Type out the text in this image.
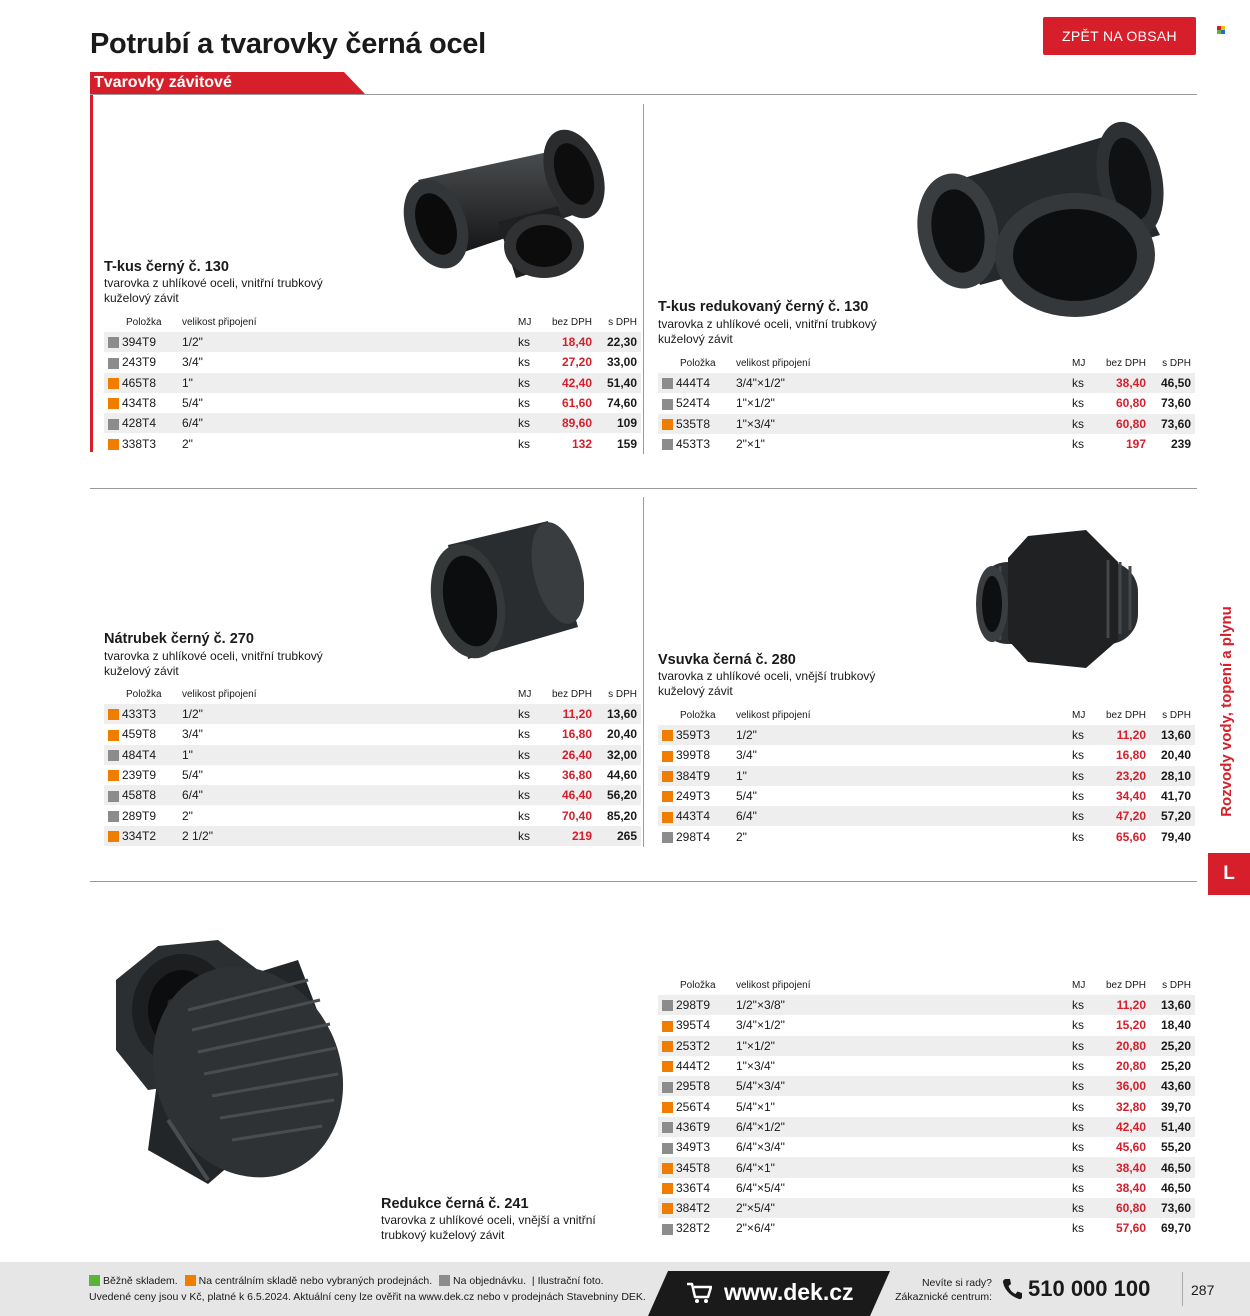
Potrubí a tvarovky černá ocel	ZPĚT NA OBSAH
Tvarovky závitové
T-kus černý č. 130
tvarovka z uhlíkové oceli, vnitřní trubkový kuželový závit
	Položka	velikost připojení	MJ	bez DPH	s DPH
	394T9	1/2"	ks	18,40	22,30
	243T9	3/4"	ks	27,20	33,00
	465T8	1"	ks	42,40	51,40
	434T8	5/4"	ks	61,60	74,60
	428T4	6/4"	ks	89,60	109
	338T3	2"	ks	132	159
T-kus redukovaný černý č. 130
tvarovka z uhlíkové oceli, vnitřní trubkový kuželový závit
	Položka	velikost připojení	MJ	bez DPH	s DPH
	444T4	3/4"×1/2"	ks	38,40	46,50
	524T4	1"×1/2"	ks	60,80	73,60
	535T8	1"×3/4"	ks	60,80	73,60
	453T3	2"×1"	ks	197	239
Nátrubek černý č. 270
tvarovka z uhlíkové oceli, vnitřní trubkový kuželový závit
	Položka	velikost připojení	MJ	bez DPH	s DPH
	433T3	1/2"	ks	11,20	13,60
	459T8	3/4"	ks	16,80	20,40
	484T4	1"	ks	26,40	32,00
	239T9	5/4"	ks	36,80	44,60
	458T8	6/4"	ks	46,40	56,20
	289T9	2"	ks	70,40	85,20
	334T2	2 1/2"	ks	219	265
Vsuvka černá č. 280
tvarovka z uhlíkové oceli, vnější trubkový kuželový závit
	Položka	velikost připojení	MJ	bez DPH	s DPH
	359T3	1/2"	ks	11,20	13,60
	399T8	3/4"	ks	16,80	20,40
	384T9	1"	ks	23,20	28,10
	249T3	5/4"	ks	34,40	41,70
	443T4	6/4"	ks	47,20	57,20
	298T4	2"	ks	65,60	79,40
Redukce černá č. 241
tvarovka z uhlíkové oceli, vnější a vnitřní trubkový kuželový závit
	Položka	velikost připojení	MJ	bez DPH	s DPH
	298T9	1/2"×3/8"	ks	11,20	13,60
	395T4	3/4"×1/2"	ks	15,20	18,40
	253T2	1"×1/2"	ks	20,80	25,20
	444T2	1"×3/4"	ks	20,80	25,20
	295T8	5/4"×3/4"	ks	36,00	43,60
	256T4	5/4"×1"	ks	32,80	39,70
	436T9	6/4"×1/2"	ks	42,40	51,40
	349T3	6/4"×3/4"	ks	45,60	55,20
	345T8	6/4"×1"	ks	38,40	46,50
	336T4	6/4"×5/4"	ks	38,40	46,50
	384T2	2"×5/4"	ks	60,80	73,60
	328T2	2"×6/4"	ks	57,60	69,70
Rozvody vody, topení a plynu
L
Běžně skladem. Na centrálním skladě nebo vybraných prodejnách. Na objednávku. | Ilustrační foto.
Uvedené ceny jsou v Kč, platné k 6.5.2024. Aktuální ceny lze ověřit na www.dek.cz nebo v prodejnách Stavebniny DEK.	www.dek.cz	Nevíte si rady?
Zákaznické centrum: 510 000 100	287
